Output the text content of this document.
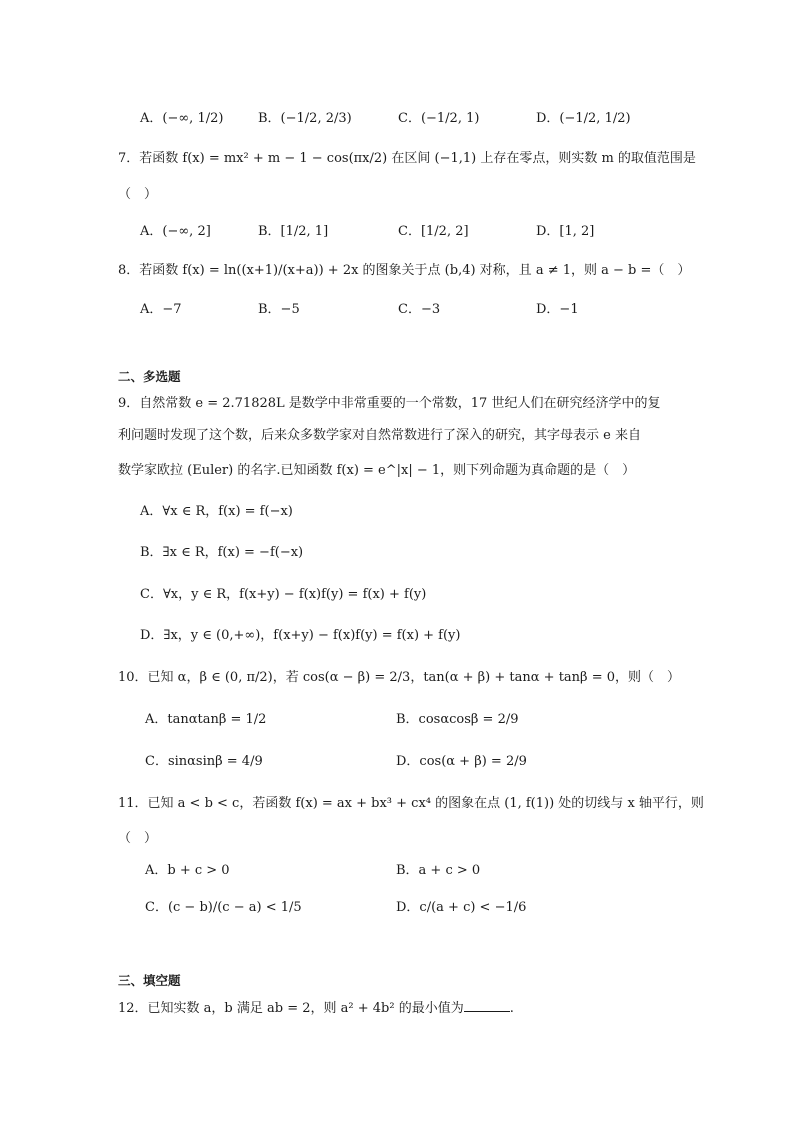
A．(−∞, 1/2)	B．(−1/2, 2/3)	C．(−1/2, 1)	D．(−1/2, 1/2)
7．若函数 f(x) = mx² + m − 1 − cos(πx/2) 在区间 (−1,1) 上存在零点，则实数 m 的取值范围是
（　）
A．(−∞, 2]	B．[1/2, 1]	C．[1/2, 2]	D．[1, 2]
8．若函数 f(x) = ln((x+1)/(x+a)) + 2x 的图象关于点 (b,4) 对称，且 a ≠ 1，则 a − b =（　）
A．−7	B．−5	C．−3	D．−1
二、多选题
9．自然常数 e = 2.71828L 是数学中非常重要的一个常数，17 世纪人们在研究经济学中的复
利问题时发现了这个数，后来众多数学家对自然常数进行了深入的研究，其字母表示 e 来自
数学家欧拉 (Euler) 的名字.已知函数 f(x) = e^|x| − 1，则下列命题为真命题的是（　）
A．∀x ∈ R，f(x) = f(−x)
B．∃x ∈ R，f(x) = −f(−x)
C．∀x，y ∈ R，f(x+y) − f(x)f(y) = f(x) + f(y)
D．∃x，y ∈ (0,+∞)，f(x+y) − f(x)f(y) = f(x) + f(y)
10．已知 α，β ∈ (0, π/2)，若 cos(α − β) = 2/3，tan(α + β) + tanα + tanβ = 0，则（　）
A．tanαtanβ = 1/2	B．cosαcosβ = 2/9
C．sinαsinβ = 4/9	D．cos(α + β) = 2/9
11．已知 a < b < c，若函数 f(x) = ax + bx³ + cx⁴ 的图象在点 (1, f(1)) 处的切线与 x 轴平行，则
（　）
A．b + c > 0	B．a + c > 0
C．(c − b)/(c − a) < 1/5	D．c/(a + c) < −1/6
三、填空题
12．已知实数 a，b 满足 ab = 2，则 a² + 4b² 的最小值为	.
